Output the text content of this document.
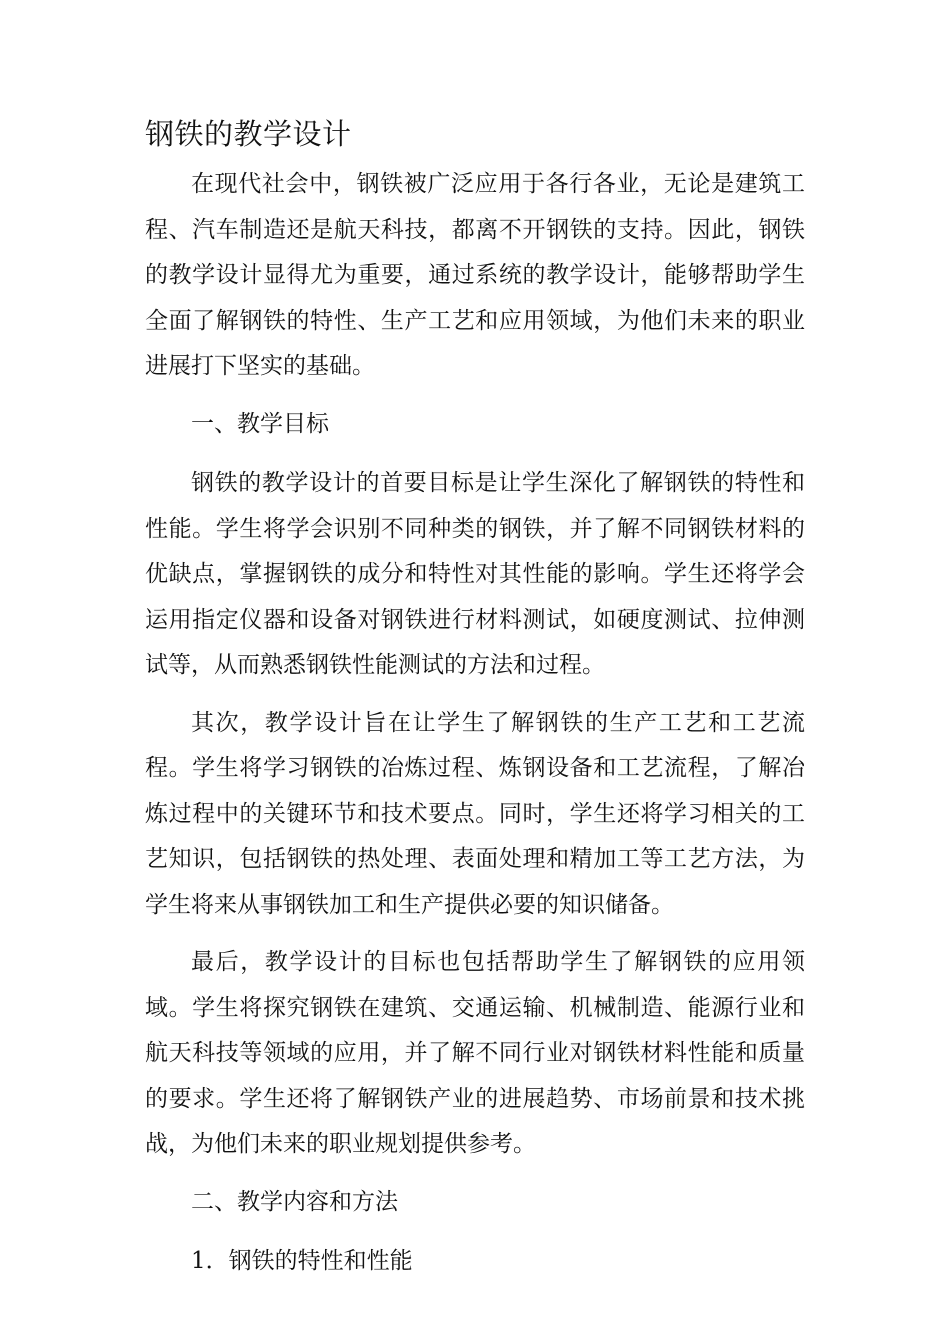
钢铁的教学设计

在现代社会中，钢铁被广泛应用于各行各业，无论是建筑工程、汽车制造还是航天科技，都离不开钢铁的支持。因此，钢铁的教学设计显得尤为重要，通过系统的教学设计，能够帮助学生全面了解钢铁的特性、生产工艺和应用领域，为他们未来的职业进展打下坚实的基础。

一、教学目标

钢铁的教学设计的首要目标是让学生深化了解钢铁的特性和性能。学生将学会识别不同种类的钢铁，并了解不同钢铁材料的优缺点，掌握钢铁的成分和特性对其性能的影响。学生还将学会运用指定仪器和设备对钢铁进行材料测试，如硬度测试、拉伸测试等，从而熟悉钢铁性能测试的方法和过程。

其次，教学设计旨在让学生了解钢铁的生产工艺和工艺流程。学生将学习钢铁的冶炼过程、炼钢设备和工艺流程，了解冶炼过程中的关键环节和技术要点。同时，学生还将学习相关的工艺知识，包括钢铁的热处理、表面处理和精加工等工艺方法，为学生将来从事钢铁加工和生产提供必要的知识储备。

最后，教学设计的目标也包括帮助学生了解钢铁的应用领域。学生将探究钢铁在建筑、交通运输、机械制造、能源行业和航天科技等领域的应用，并了解不同行业对钢铁材料性能和质量的要求。学生还将了解钢铁产业的进展趋势、市场前景和技术挑战，为他们未来的职业规划提供参考。

二、教学内容和方法

1．钢铁的特性和性能
